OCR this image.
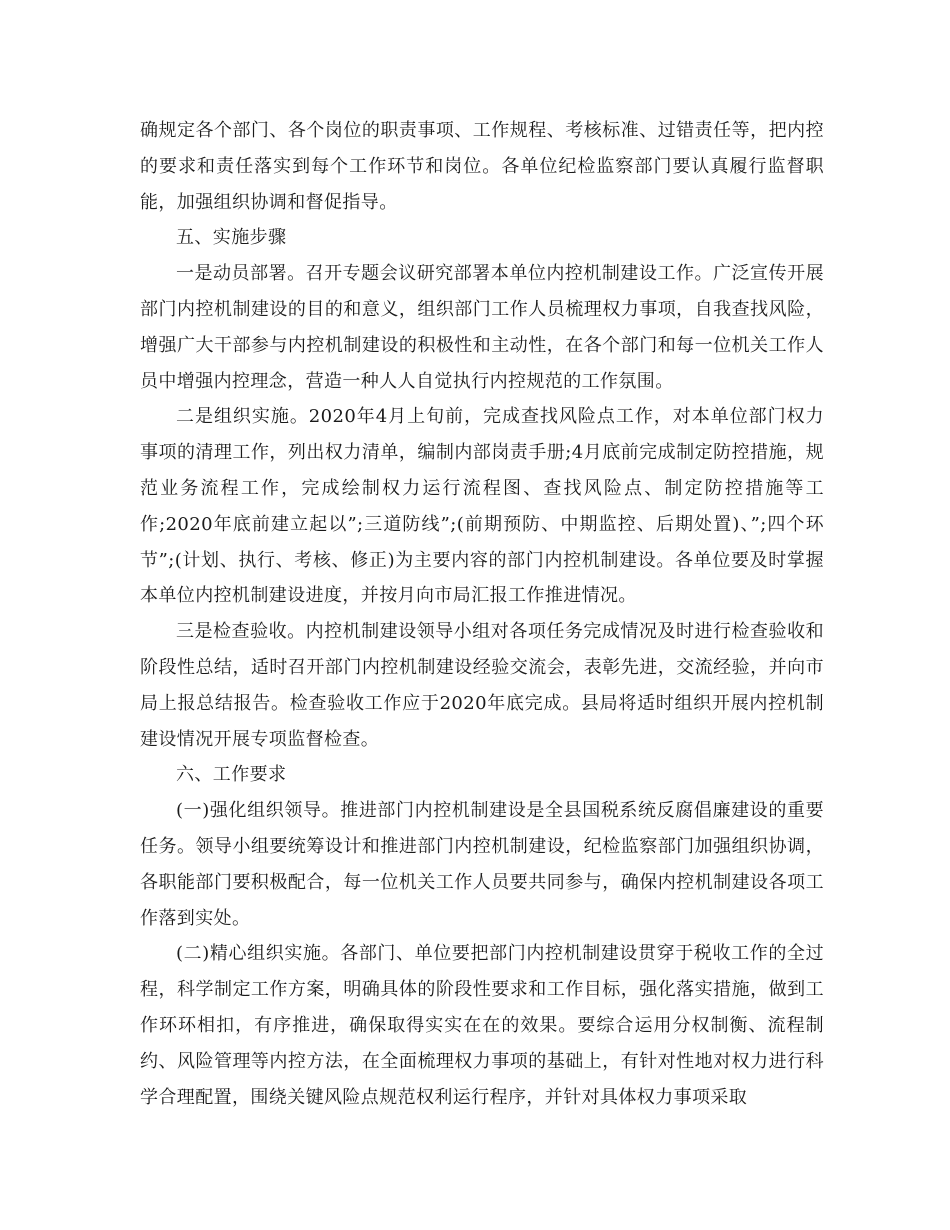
确规定各个部门、各个岗位的职责事项、工作规程、考核标准、过错责任等，把内控的要求和责任落实到每个工作环节和岗位。各单位纪检监察部门要认真履行监督职能，加强组织协调和督促指导。

五、实施步骤

一是动员部署。召开专题会议研究部署本单位内控机制建设工作。广泛宣传开展部门内控机制建设的目的和意义，组织部门工作人员梳理权力事项，自我查找风险，增强广大干部参与内控机制建设的积极性和主动性，在各个部门和每一位机关工作人员中增强内控理念，营造一种人人自觉执行内控规范的工作氛围。

二是组织实施。2020年4月上旬前，完成查找风险点工作，对本单位部门权力事项的清理工作，列出权力清单，编制内部岗责手册;4月底前完成制定防控措施，规范业务流程工作，完成绘制权力运行流程图、查找风险点、制定防控措施等工作;2020年底前建立起以”;三道防线”;(前期预防、中期监控、后期处置)、”;四个环节”;(计划、执行、考核、修正)为主要内容的部门内控机制建设。各单位要及时掌握本单位内控机制建设进度，并按月向市局汇报工作推进情况。

三是检查验收。内控机制建设领导小组对各项任务完成情况及时进行检查验收和阶段性总结，适时召开部门内控机制建设经验交流会，表彰先进，交流经验，并向市局上报总结报告。检查验收工作应于2020年底完成。县局将适时组织开展内控机制建设情况开展专项监督检查。

六、工作要求

(一)强化组织领导。推进部门内控机制建设是全县国税系统反腐倡廉建设的重要任务。领导小组要统筹设计和推进部门内控机制建设，纪检监察部门加强组织协调，各职能部门要积极配合，每一位机关工作人员要共同参与，确保内控机制建设各项工作落到实处。

(二)精心组织实施。各部门、单位要把部门内控机制建设贯穿于税收工作的全过程，科学制定工作方案，明确具体的阶段性要求和工作目标，强化落实措施，做到工作环环相扣，有序推进，确保取得实实在在的效果。要综合运用分权制衡、流程制约、风险管理等内控方法，在全面梳理权力事项的基础上，有针对性地对权力进行科学合理配置，围绕关键风险点规范权利运行程序，并针对具体权力事项采取
